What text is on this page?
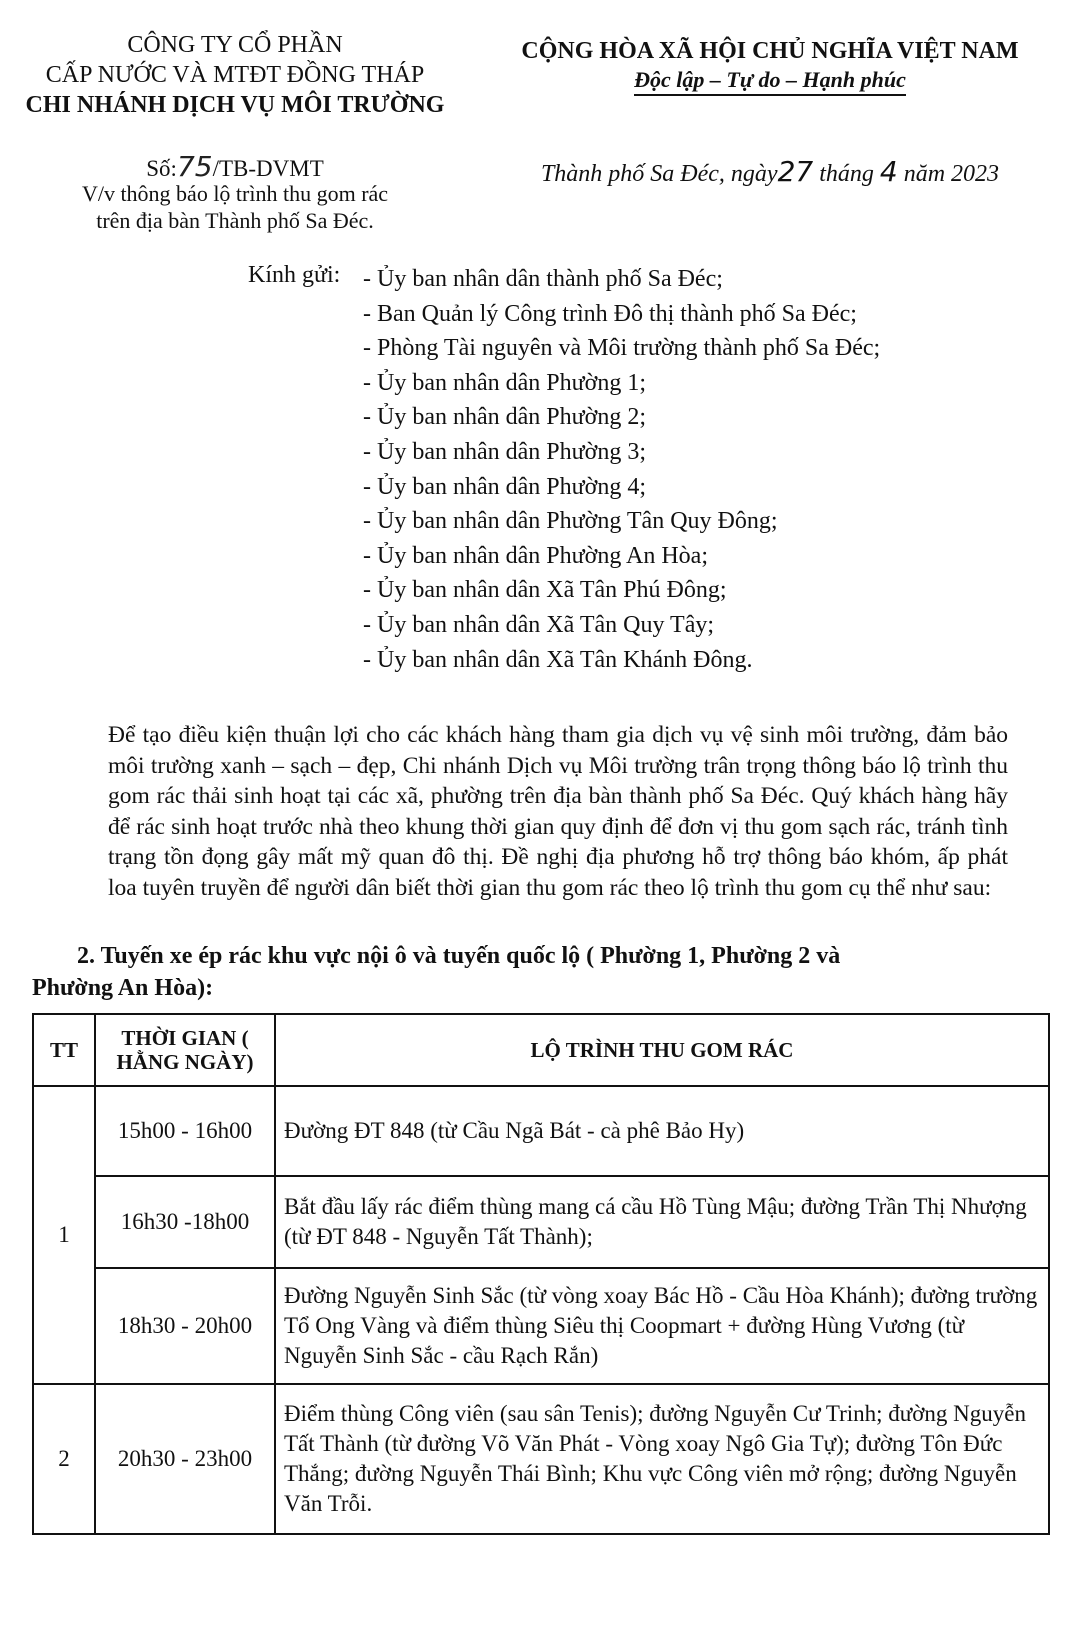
CÔNG TY CỔ PHẦN
CẤP NƯỚC VÀ MTĐT ĐỒNG THÁP
CHI NHÁNH DỊCH VỤ MÔI TRƯỜNG
CỘNG HÒA XÃ HỘI CHỦ NGHĨA VIỆT NAM
Độc lập – Tự do – Hạnh phúc
Số:75/TB-DVMT
V/v thông báo lộ trình thu gom rác
trên địa bàn Thành phố Sa Đéc.
Thành phố Sa Đéc, ngày27 tháng 4 năm 2023
Kính gửi: - Ủy ban nhân dân thành phố Sa Đéc;
- Ban Quản lý Công trình Đô thị thành phố Sa Đéc;
- Phòng Tài nguyên và Môi trường thành phố Sa Đéc;
- Ủy ban nhân dân Phường 1;
- Ủy ban nhân dân Phường 2;
- Ủy ban nhân dân Phường 3;
- Ủy ban nhân dân Phường 4;
- Ủy ban nhân dân Phường Tân Quy Đông;
- Ủy ban nhân dân Phường An Hòa;
- Ủy ban nhân dân Xã Tân Phú Đông;
- Ủy ban nhân dân Xã Tân Quy Tây;
- Ủy ban nhân dân Xã Tân Khánh Đông.
Để tạo điều kiện thuận lợi cho các khách hàng tham gia dịch vụ vệ sinh môi trường, đảm bảo môi trường xanh – sạch – đẹp, Chi nhánh Dịch vụ Môi trường trân trọng thông báo lộ trình thu gom rác thải sinh hoạt tại các xã, phường trên địa bàn thành phố Sa Đéc. Quý khách hàng hãy để rác sinh hoạt trước nhà theo khung thời gian quy định để đơn vị thu gom sạch rác, tránh tình trạng tồn đọng gây mất mỹ quan đô thị. Đề nghị địa phương hỗ trợ thông báo khóm, ấp phát loa tuyên truyền để người dân biết thời gian thu gom rác theo lộ trình thu gom cụ thể như sau:
2. Tuyến xe ép rác khu vực nội ô và tuyến quốc lộ ( Phường 1, Phường 2 và
Phường An Hòa):
TT	THỜI GIAN ( HẰNG NGÀY)	LỘ TRÌNH THU GOM RÁC
1	15h00 - 16h00	Đường ĐT 848 (từ Cầu Ngã Bát - cà phê Bảo Hy)
	16h30 -18h00	Bắt đầu lấy rác điểm thùng mang cá cầu Hồ Tùng Mậu; đường Trần Thị Nhượng (từ ĐT 848 - Nguyễn Tất Thành);
	18h30 - 20h00	Đường Nguyễn Sinh Sắc (từ vòng xoay Bác Hồ - Cầu Hòa Khánh); đường trường Tổ Ong Vàng và điểm thùng Siêu thị Coopmart + đường Hùng Vương (từ Nguyễn Sinh Sắc - cầu Rạch Rắn)
2	20h30 - 23h00	Điểm thùng Công viên (sau sân Tenis); đường Nguyễn Cư Trinh; đường Nguyễn Tất Thành (từ đường Võ Văn Phát - Vòng xoay Ngô Gia Tự); đường Tôn Đức Thắng; đường Nguyễn Thái Bình; Khu vực Công viên mở rộng; đường Nguyễn Văn Trỗi.
